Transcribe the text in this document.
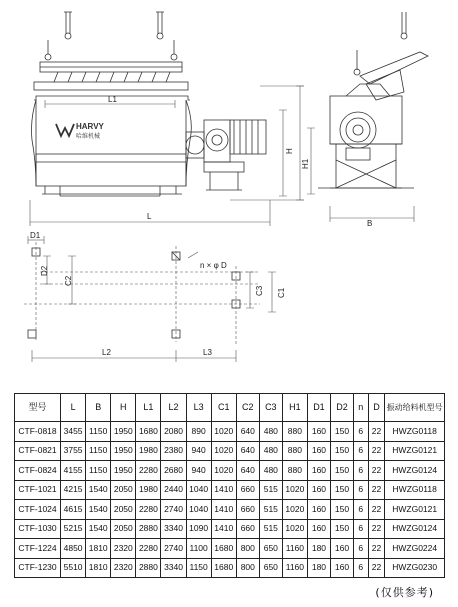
HARVY
哈维机械
L1
L
H
H1
B
D1
D2
C2
C3 C1
L2	L3
n × φ D
型号	L	B	H	L1	L2	L3	C1	C2	C3	H1	D1	D2	n	D	振动给料机型号
CTF-0818	3455	1150	1950	1680	2080	890	1020	640	480	880	160	150	6	22	HWZG0118
CTF-0821	3755	1150	1950	1980	2380	940	1020	640	480	880	160	150	6	22	HWZG0121
CTF-0824	4155	1150	1950	2280	2680	940	1020	640	480	880	160	150	6	22	HWZG0124
CTF-1021	4215	1540	2050	1980	2440	1040	1410	660	515	1020	160	150	6	22	HWZG0118
CTF-1024	4615	1540	2050	2280	2740	1040	1410	660	515	1020	160	150	6	22	HWZG0121
CTF-1030	5215	1540	2050	2880	3340	1090	1410	660	515	1020	160	150	6	22	HWZG0124
CTF-1224	4850	1810	2320	2280	2740	1100	1680	800	650	1160	180	160	6	22	HWZG0224
CTF-1230	5510	1810	2320	2880	3340	1150	1680	800	650	1160	180	160	6	22	HWZG0230
(仅供参考)
